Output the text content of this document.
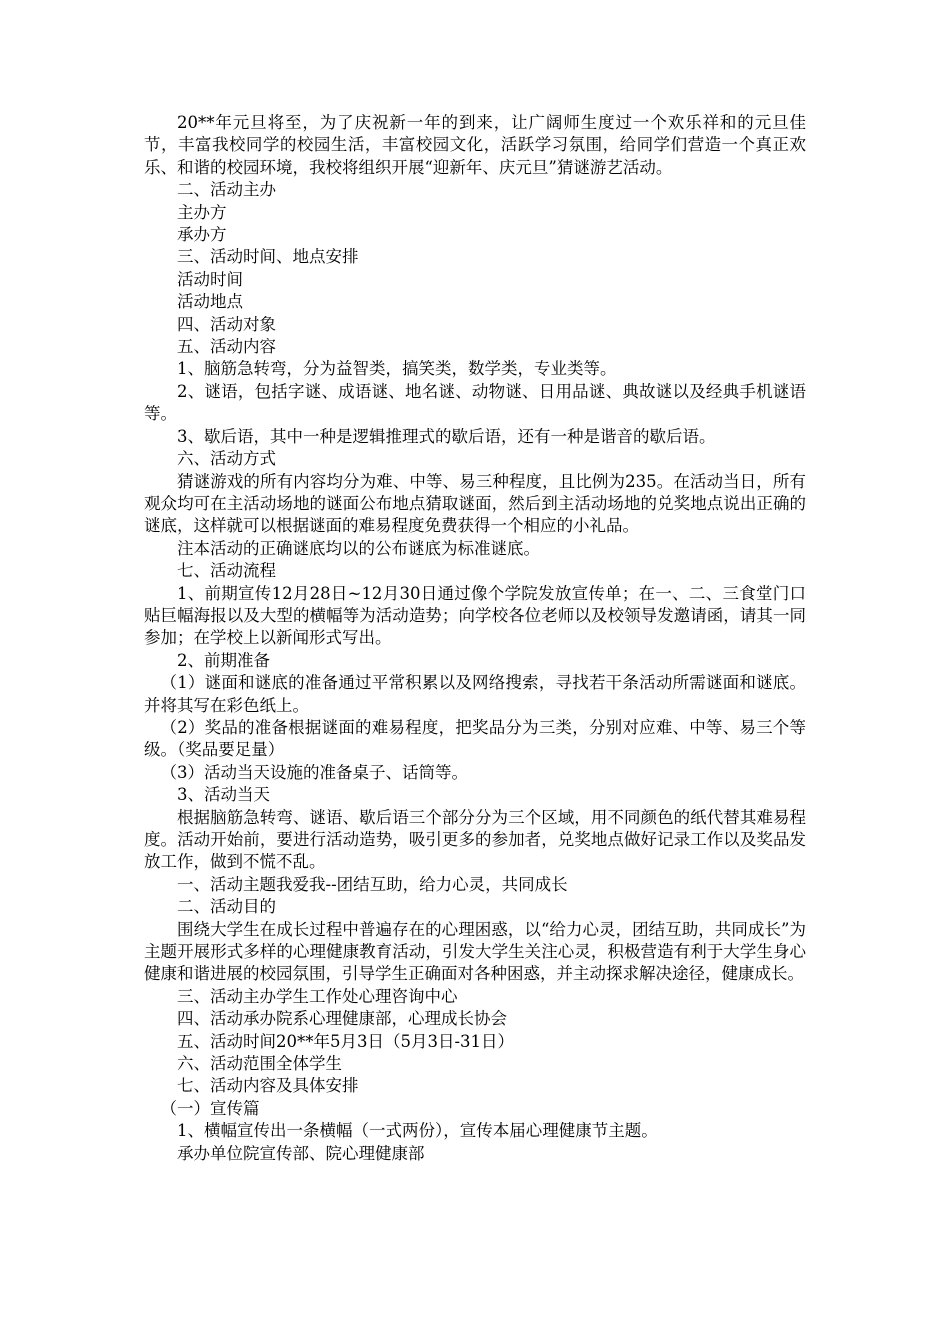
20**年元旦将至，为了庆祝新一年的到来，让广阔师生度过一个欢乐祥和的元旦佳节，丰富我校同学的校园生活，丰富校园文化，活跃学习氛围，给同学们营造一个真正欢乐、和谐的校园环境，我校将组织开展“迎新年、庆元旦”猜谜游艺活动。

二、活动主办

主办方

承办方

三、活动时间、地点安排

活动时间

活动地点

四、活动对象

五、活动内容

1、脑筋急转弯，分为益智类，搞笑类，数学类，专业类等。

2、谜语，包括字谜、成语谜、地名谜、动物谜、日用品谜、典故谜以及经典手机谜语等。

3、歇后语，其中一种是逻辑推理式的歇后语，还有一种是谐音的歇后语。

六、活动方式

猜谜游戏的所有内容均分为难、中等、易三种程度，且比例为235。在活动当日，所有观众均可在主活动场地的谜面公布地点猜取谜面，然后到主活动场地的兑奖地点说出正确的谜底，这样就可以根据谜面的难易程度免费获得一个相应的小礼品。

注本活动的正确谜底均以的公布谜底为标准谜底。

七、活动流程

1、前期宣传12月28日~12月30日通过像个学院发放宣传单；在一、二、三食堂门口贴巨幅海报以及大型的横幅等为活动造势；向学校各位老师以及校领导发邀请函，请其一同参加；在学校上以新闻形式写出。

2、前期准备

（1）谜面和谜底的准备通过平常积累以及网络搜索，寻找若干条活动所需谜面和谜底。并将其写在彩色纸上。

（2）奖品的准备根据谜面的难易程度，把奖品分为三类，分别对应难、中等、易三个等级。（奖品要足量）

（3）活动当天设施的准备桌子、话筒等。

3、活动当天

根据脑筋急转弯、谜语、歇后语三个部分分为三个区域，用不同颜色的纸代替其难易程度。活动开始前，要进行活动造势，吸引更多的参加者，兑奖地点做好记录工作以及奖品发放工作，做到不慌不乱。

一、活动主题我爱我--团结互助，给力心灵，共同成长

二、活动目的

围绕大学生在成长过程中普遍存在的心理困惑，以“给力心灵，团结互助，共同成长”为主题开展形式多样的心理健康教育活动，引发大学生关注心灵，积极营造有利于大学生身心健康和谐进展的校园氛围，引导学生正确面对各种困惑，并主动探求解决途径，健康成长。

三、活动主办学生工作处心理咨询中心

四、活动承办院系心理健康部，心理成长协会

五、活动时间20**年5月3日（5月3日-31日）

六、活动范围全体学生

七、活动内容及具体安排

（一）宣传篇

1、横幅宣传出一条横幅（一式两份），宣传本届心理健康节主题。

承办单位院宣传部、院心理健康部
